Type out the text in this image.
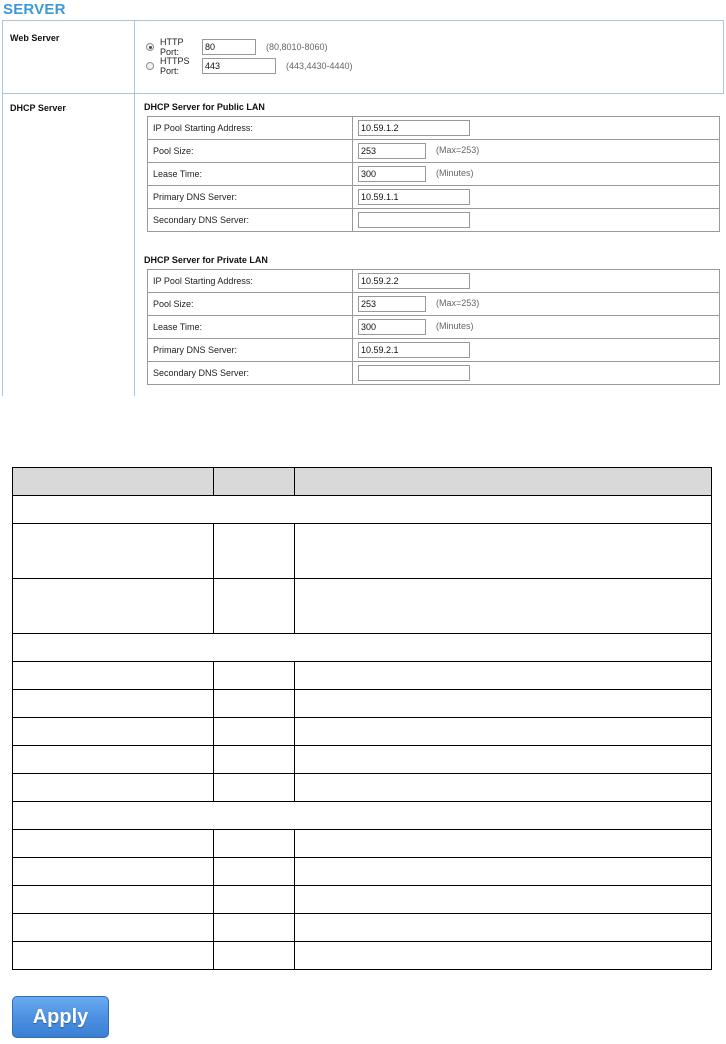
SERVER
Web Server	HTTP Port:
80	(80,8010-8060)
HTTPS Port:
443	(443,4430-4440)
DHCP Server	DHCP Server for Public LAN
IP Pool Starting Address:	10.59.1.2
Pool Size:	253(Max=253)
Lease Time:	300(Minutes)
Primary DNS Server:	10.59.1.1
Secondary DNS Server:	
DHCP Server for Private LAN
IP Pool Starting Address:	10.59.2.2
Pool Size:	253(Max=253)
Lease Time:	300(Minutes)
Primary DNS Server:	10.59.2.1
Secondary DNS Server:	

Apply
